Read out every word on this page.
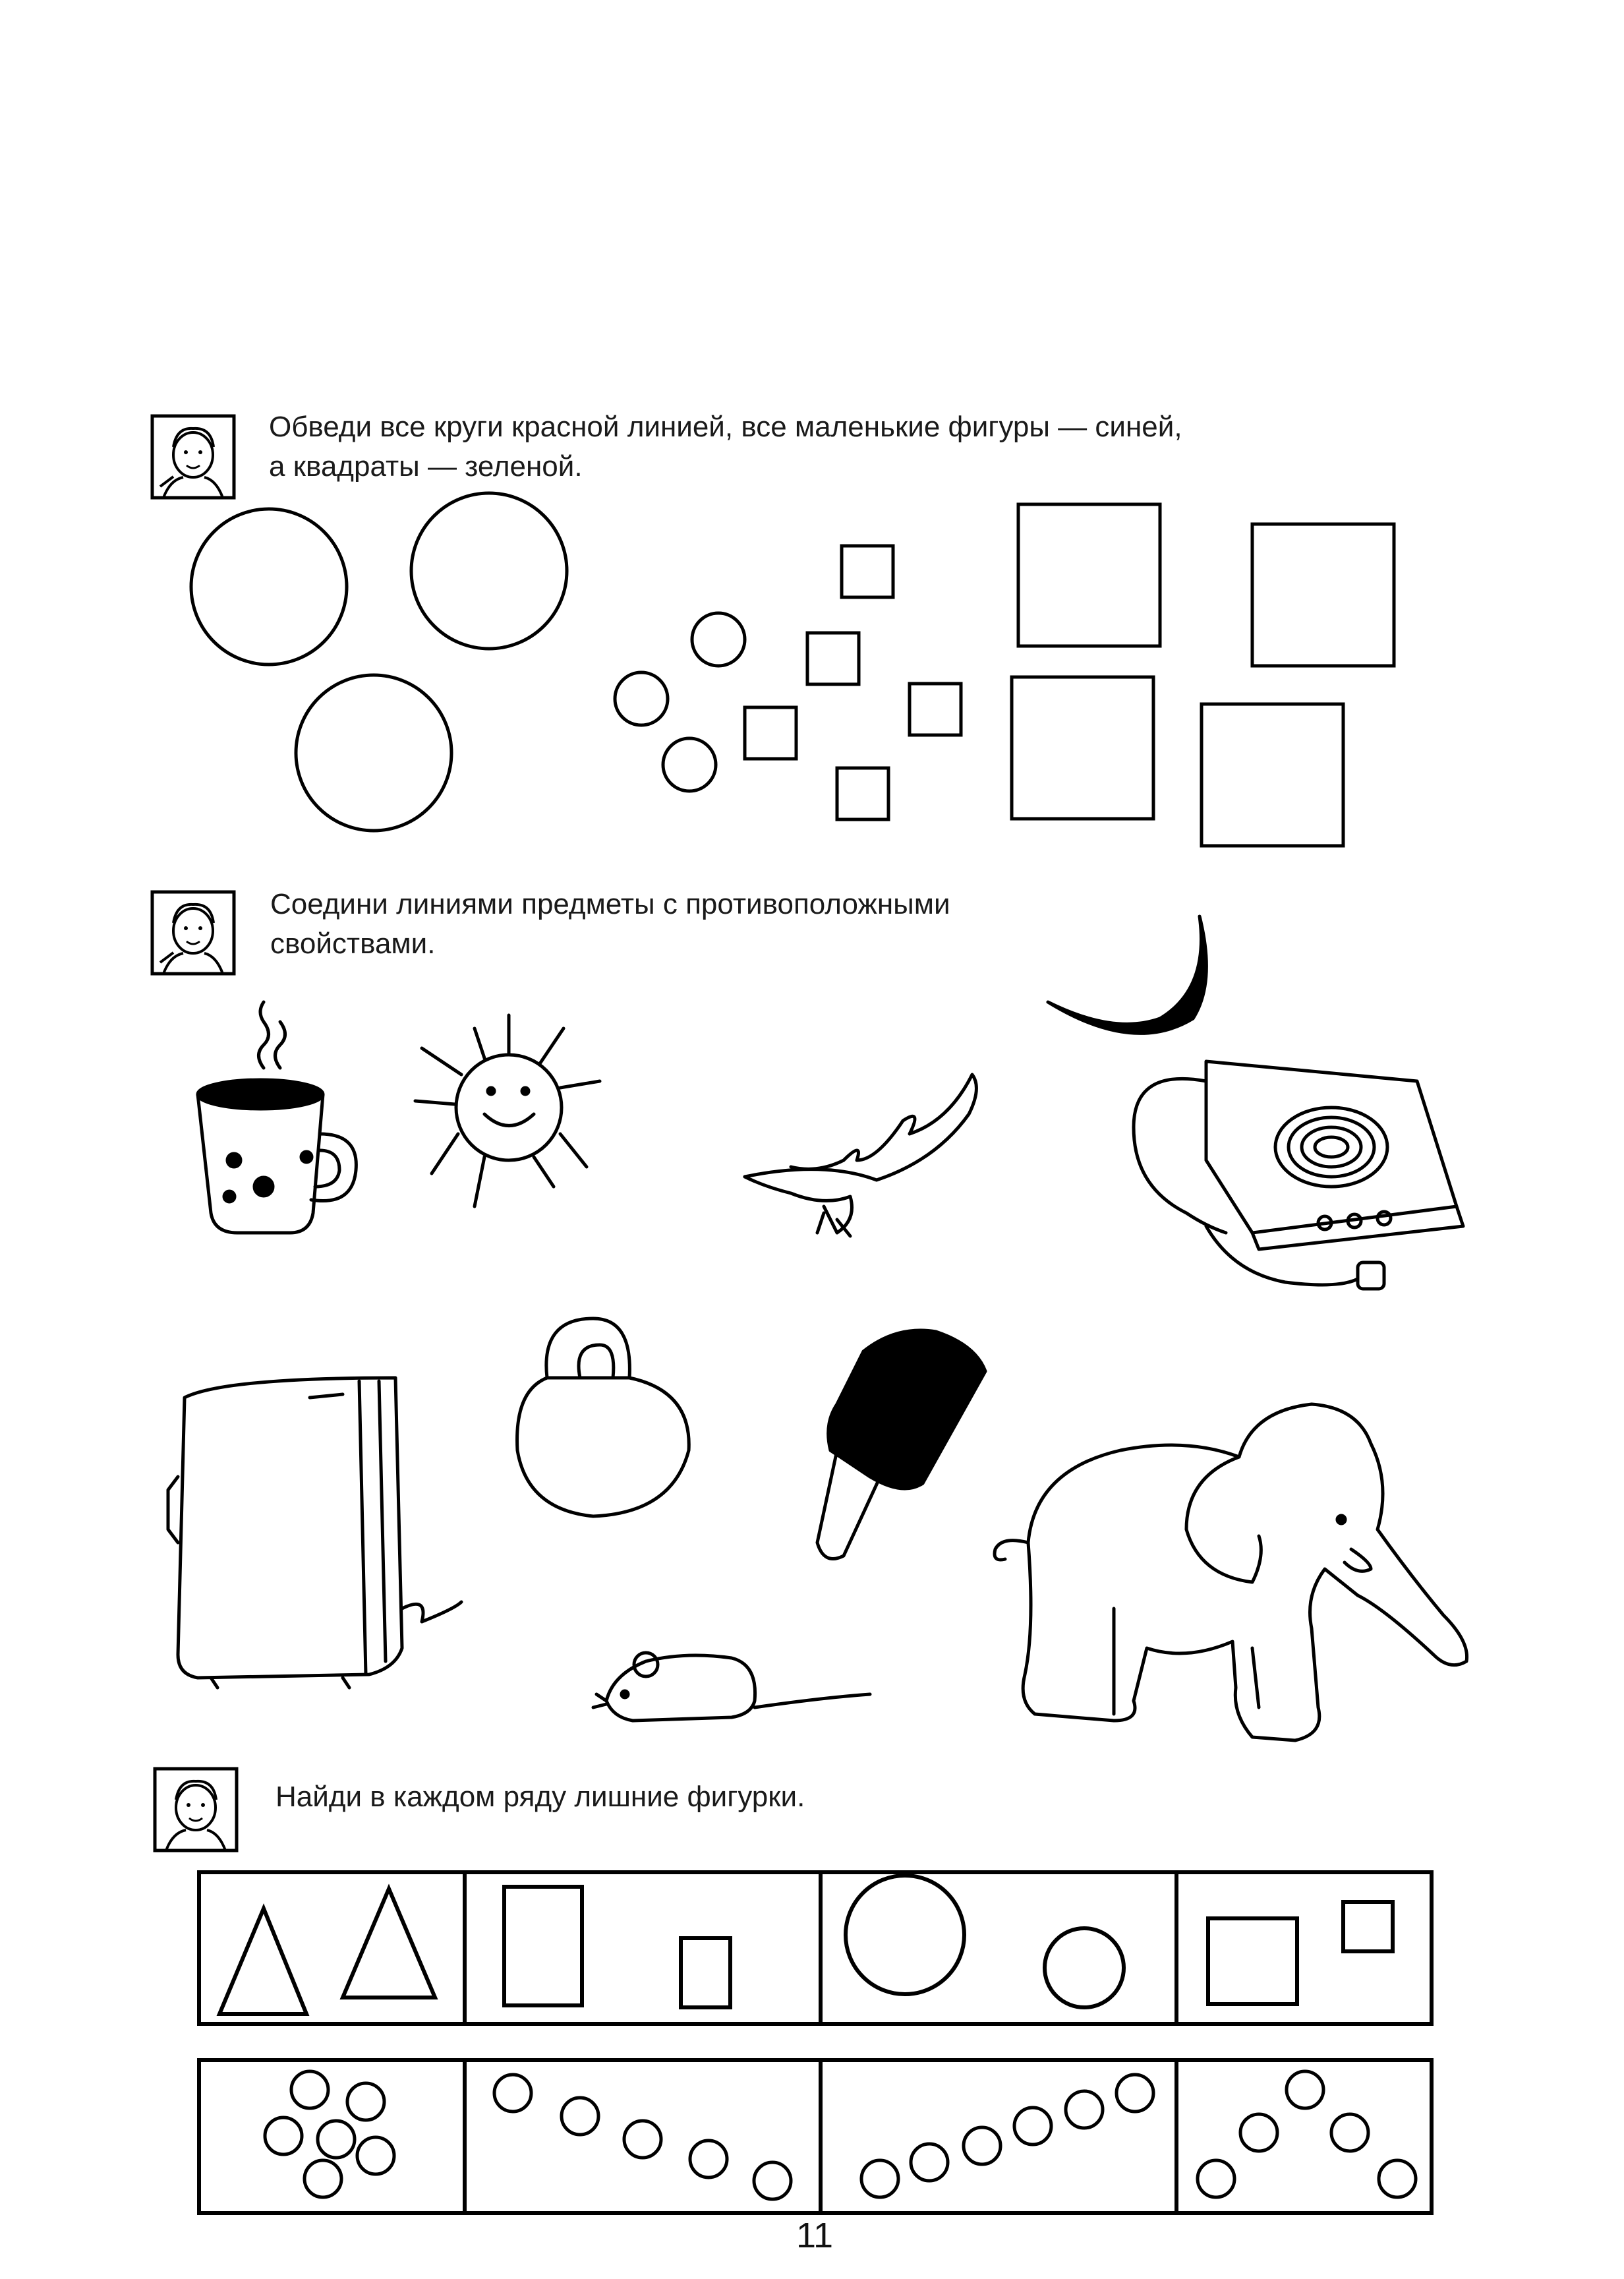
Обведи все круги красной линией, все маленькие фигуры — синей,

а квадраты — зеленой.

Соедини линиями предметы с противоположными

свойствами.

Найди в каждом ряду лишние фигурки.

11
